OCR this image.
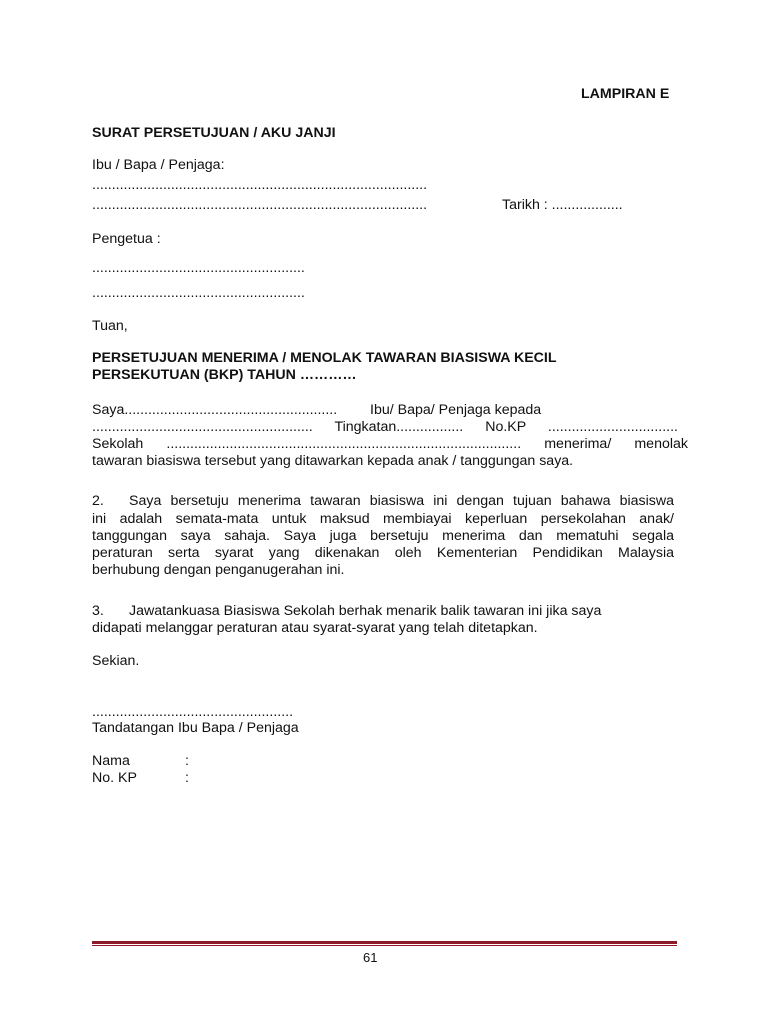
LAMPIRAN E
SURAT PERSETUJUAN / AKU JANJI
Ibu / Bapa / Penjaga:
.....................................................................................
.....................................................................................	Tarikh : ..................
Pengetua :
......................................................
......................................................
Tuan,
PERSETUJUAN MENERIMA / MENOLAK TAWARAN BIASISWA KECIL
PERSEKUTUAN (BKP) TAHUN …………
Saya...................................................... Ibu/ Bapa/ Penjaga kepada
........................................................ Tingkatan................. No.KP .................................
Sekolah .......................................................................................... menerima/ menolak
tawaran biasiswa tersebut yang ditawarkan kepada anak / tanggungan saya.
2. Saya bersetuju menerima tawaran biasiswa ini dengan tujuan bahawa biasiswa
ini adalah semata-mata untuk maksud membiayai keperluan persekolahan anak/
tanggungan saya sahaja. Saya juga bersetuju menerima dan mematuhi segala
peraturan serta syarat yang dikenakan oleh Kementerian Pendidikan Malaysia
berhubung dengan penganugerahan ini.
3. Jawatankuasa Biasiswa Sekolah berhak menarik balik tawaran ini jika saya
didapati melanggar peraturan atau syarat-syarat yang telah ditetapkan.
Sekian.
...................................................
Tandatangan Ibu Bapa / Penjaga
Nama	:
No. KP	:
61
